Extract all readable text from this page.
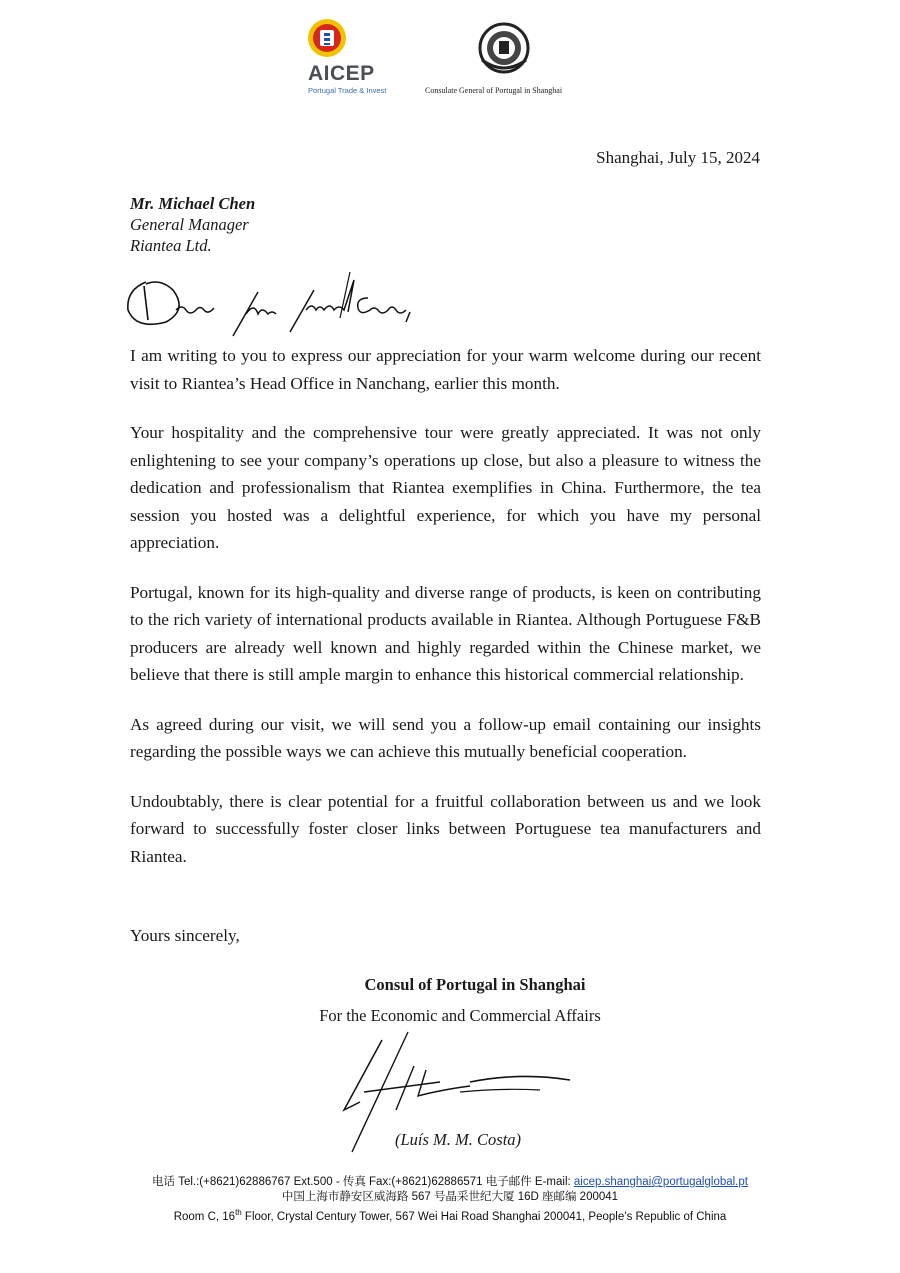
AICEP
Portugal Trade & Invest	Consulate General of Portugal in Shanghai
Shanghai, July 15, 2024
Mr. Michael Chen
General Manager
Riantea Ltd.

I am writing to you to express our appreciation for your warm welcome during our recent visit to Riantea’s Head Office in Nanchang, earlier this month.

Your hospitality and the comprehensive tour were greatly appreciated. It was not only enlightening to see your company’s operations up close, but also a pleasure to witness the dedication and professionalism that Riantea exemplifies in China. Furthermore, the tea session you hosted was a delightful experience, for which you have my personal appreciation.

Portugal, known for its high-quality and diverse range of products, is keen on contributing to the rich variety of international products available in Riantea. Although Portuguese F&B producers are already well known and highly regarded within the Chinese market, we believe that there is still ample margin to enhance this historical commercial relationship.

As agreed during our visit, we will send you a follow-up email containing our insights regarding the possible ways we can achieve this mutually beneficial cooperation.

Undoubtably, there is clear potential for a fruitful collaboration between us and we look forward to successfully foster closer links between Portuguese tea manufacturers and Riantea.

Yours sincerely,
Consul of Portugal in Shanghai
For the Economic and Commercial Affairs
(Luís M. M. Costa)
电话 Tel.:(+8621)62886767 Ext.500 - 传真 Fax:(+8621)62886571 电子邮件 E-mail: aicep.shanghai@portugalglobal.pt
中国上海市静安区威海路 567 号晶采世纪大厦 16D 座邮编 200041
Room C, 16th Floor, Crystal Century Tower, 567 Wei Hai Road Shanghai 200041, People’s Republic of China
